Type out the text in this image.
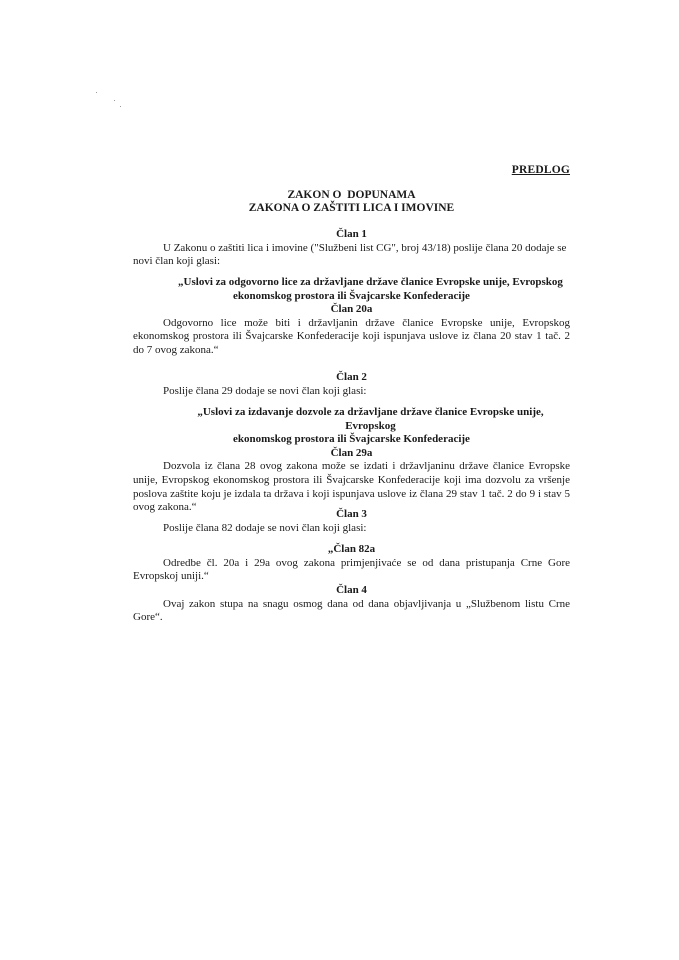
PREDLOG
ZAKON O  DOPUNAMA
ZAKONA O ZAŠTITI LICA I IMOVINE
Član 1
U Zakonu o zaštiti lica i imovine ("Službeni list CG", broj 43/18) poslije člana 20 dodaje se novi član koji glasi:
„Uslovi za odgovorno lice za državljane države članice Evropske unije, Evropskog
ekonomskog prostora ili Švajcarske Konfederacije
Član 20a
Odgovorno lice može biti i državljanin države članice Evropske unije, Evropskog ekonomskog prostora ili Švajcarske Konfederacije koji ispunjava uslove iz člana 20 stav 1 tač. 2 do 7 ovog zakona.“
Član 2
Poslije člana 29 dodaje se novi član koji glasi:
„Uslovi za izdavanje dozvole za državljane države članice Evropske unije, Evropskog
ekonomskog prostora ili Švajcarske Konfederacije
Član 29a
Dozvola iz člana 28 ovog zakona može se izdati i državljaninu države članice Evropske unije, Evropskog ekonomskog prostora ili Švajcarske Konfederacije koji ima dozvolu za vršenje poslova zaštite koju je izdala ta država i koji ispunjava uslove iz člana 29 stav 1 tač. 2 do 9 i stav 5 ovog zakona.“
Član 3
Poslije člana 82 dodaje se novi član koji glasi:
„Član 82a
Odredbe čl. 20a i 29a ovog zakona primjenjivaće se od dana pristupanja Crne Gore Evropskoj uniji.“
Član 4
Ovaj zakon stupa na snagu osmog dana od dana objavljivanja u „Službenom listu Crne Gore“.
